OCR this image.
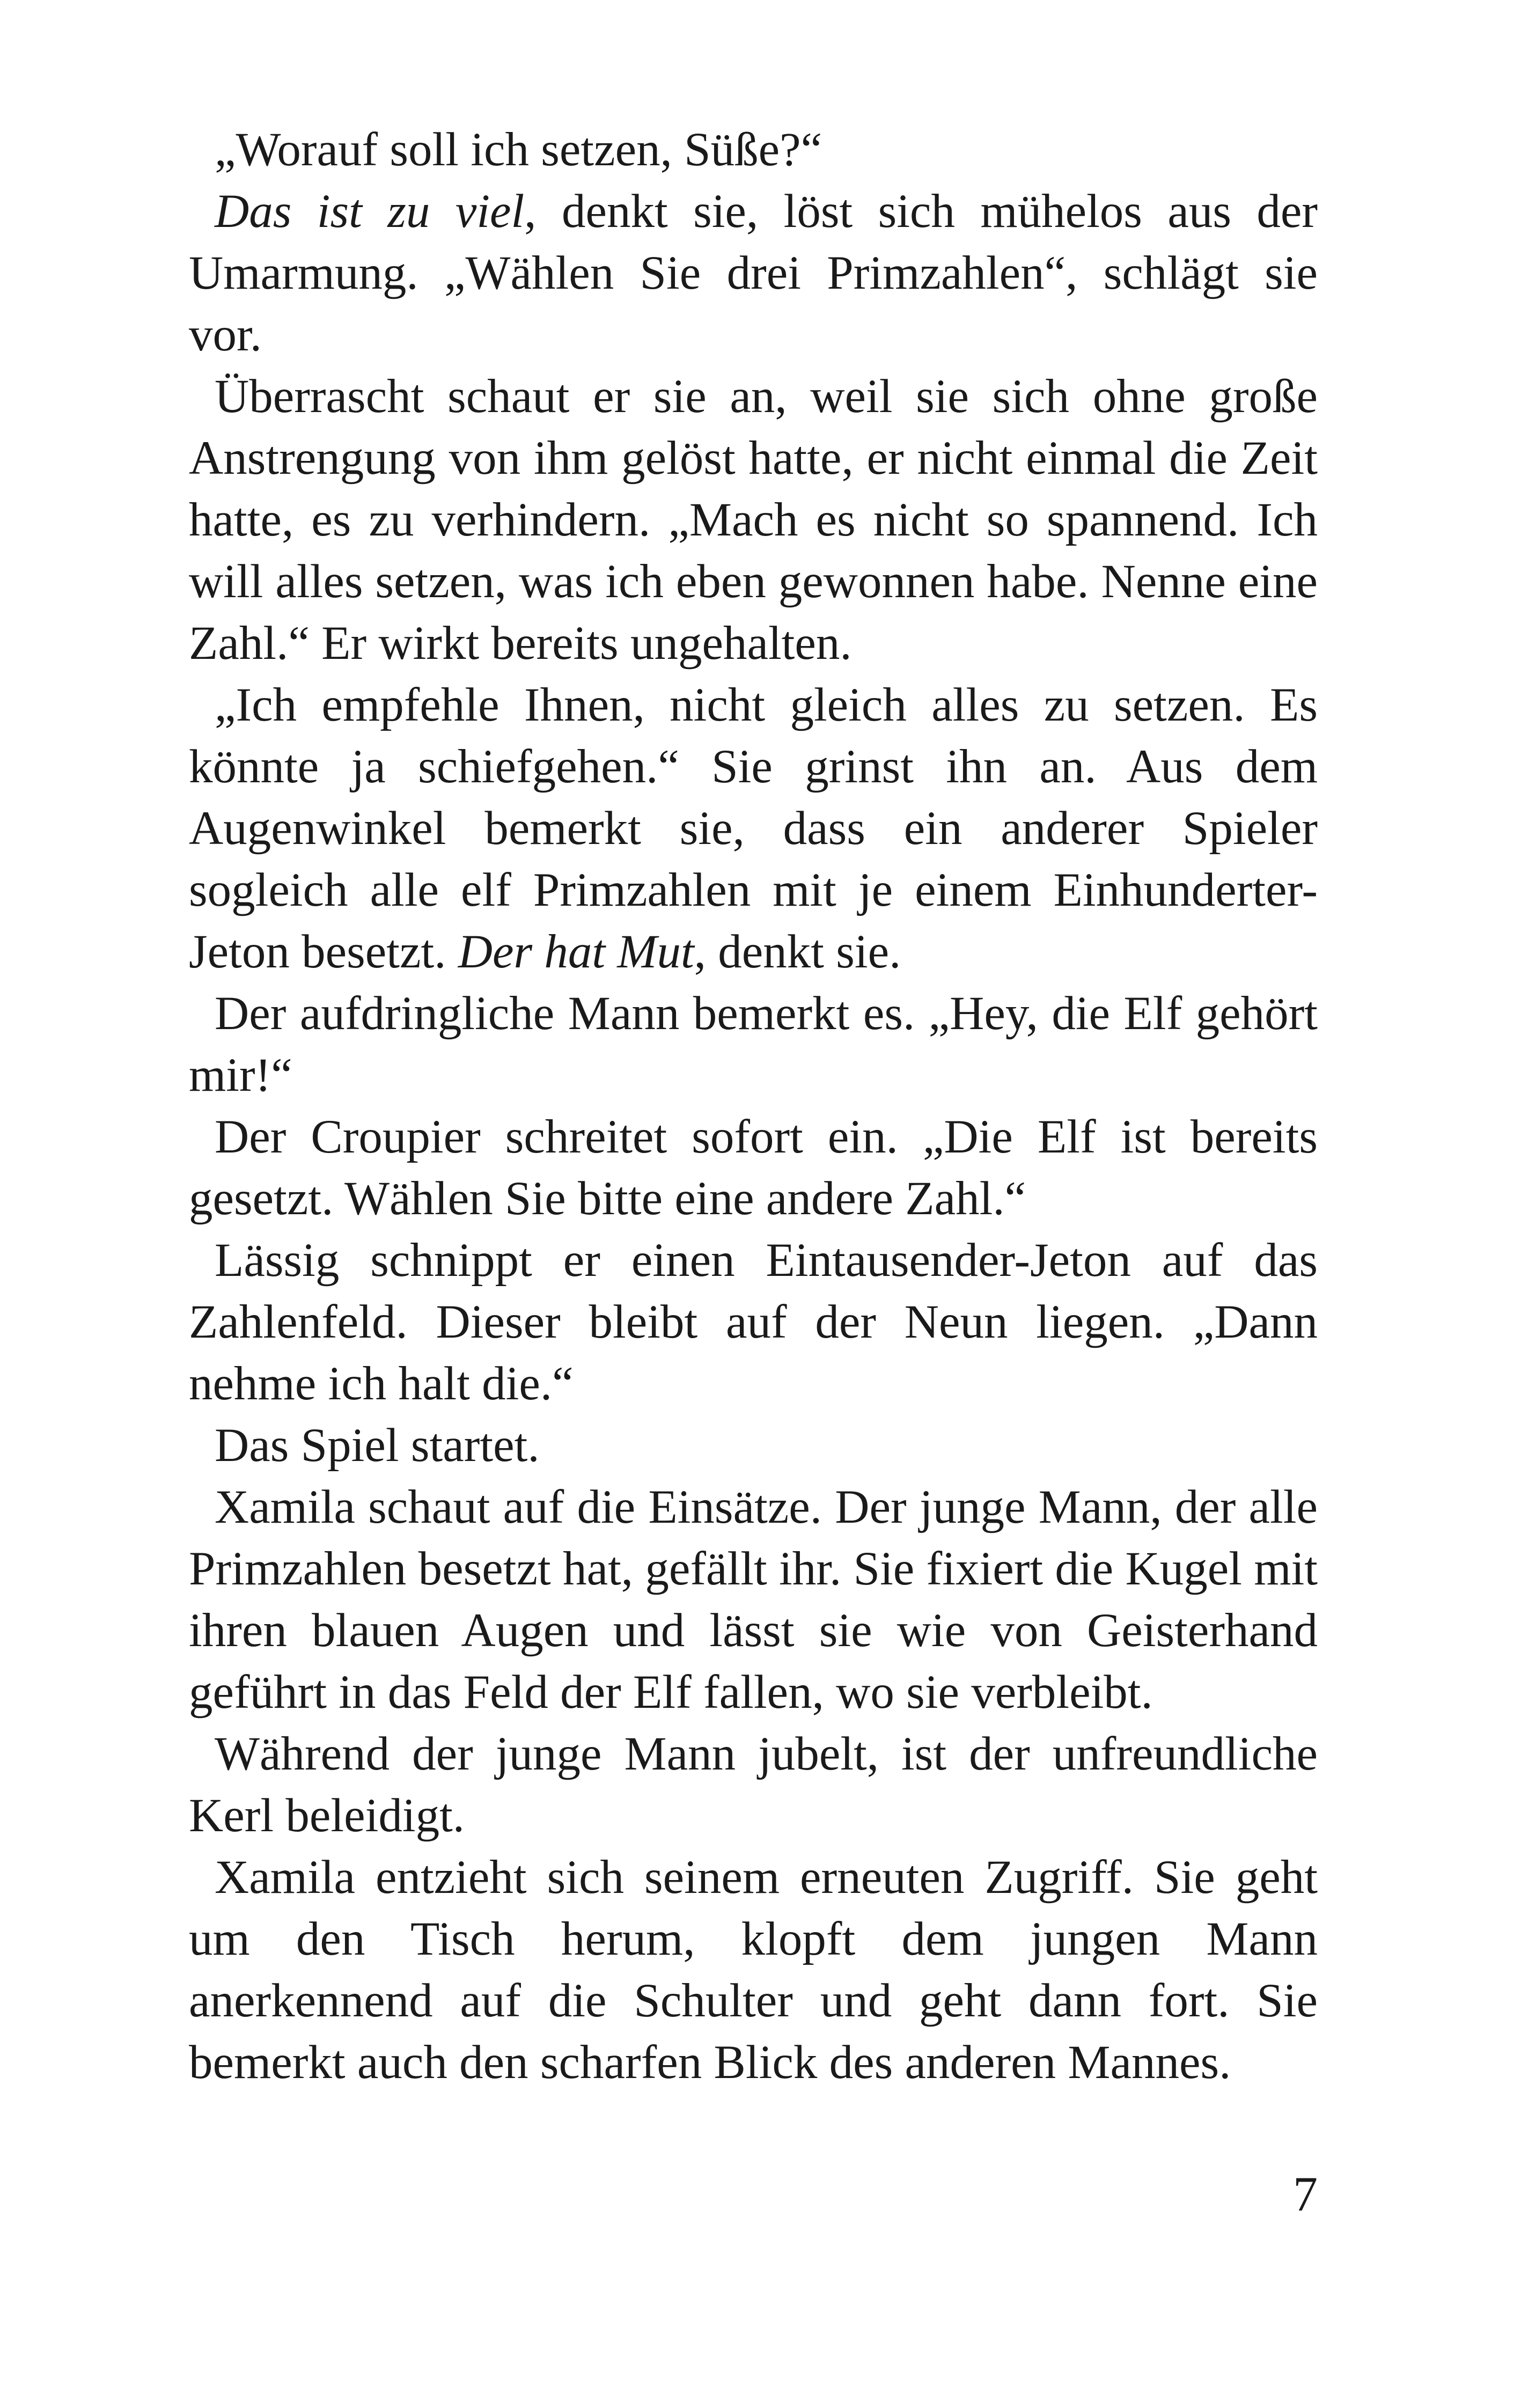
„Worauf soll ich setzen, Süße?“

Das ist zu viel, denkt sie, löst sich mühelos aus der Umarmung. „Wählen Sie drei Primzahlen“, schlägt sie vor.

Überrascht schaut er sie an, weil sie sich ohne große Anstrengung von ihm gelöst hatte, er nicht einmal die Zeit hatte, es zu verhindern. „Mach es nicht so spannend. Ich will alles setzen, was ich eben gewonnen habe. Nenne eine Zahl.“ Er wirkt bereits ungehalten.

„Ich empfehle Ihnen, nicht gleich alles zu setzen. Es könnte ja schiefgehen.“ Sie grinst ihn an. Aus dem Augenwinkel bemerkt sie, dass ein anderer Spieler sogleich alle elf Primzahlen mit je einem Einhunderter-Jeton besetzt. Der hat Mut, denkt sie.

Der aufdringliche Mann bemerkt es. „Hey, die Elf gehört mir!“

Der Croupier schreitet sofort ein. „Die Elf ist bereits gesetzt. Wählen Sie bitte eine andere Zahl.“

Lässig schnippt er einen Eintausender-Jeton auf das Zahlenfeld. Dieser bleibt auf der Neun liegen. „Dann nehme ich halt die.“

Das Spiel startet.

Xamila schaut auf die Einsätze. Der junge Mann, der alle Primzahlen besetzt hat, gefällt ihr. Sie fixiert die Kugel mit ihren blauen Augen und lässt sie wie von Geisterhand geführt in das Feld der Elf fallen, wo sie verbleibt.

Während der junge Mann jubelt, ist der unfreundliche Kerl beleidigt.

Xamila entzieht sich seinem erneuten Zugriff. Sie geht um den Tisch herum, klopft dem jungen Mann anerkennend auf die Schulter und geht dann fort. Sie bemerkt auch den scharfen Blick des anderen Mannes.

7
